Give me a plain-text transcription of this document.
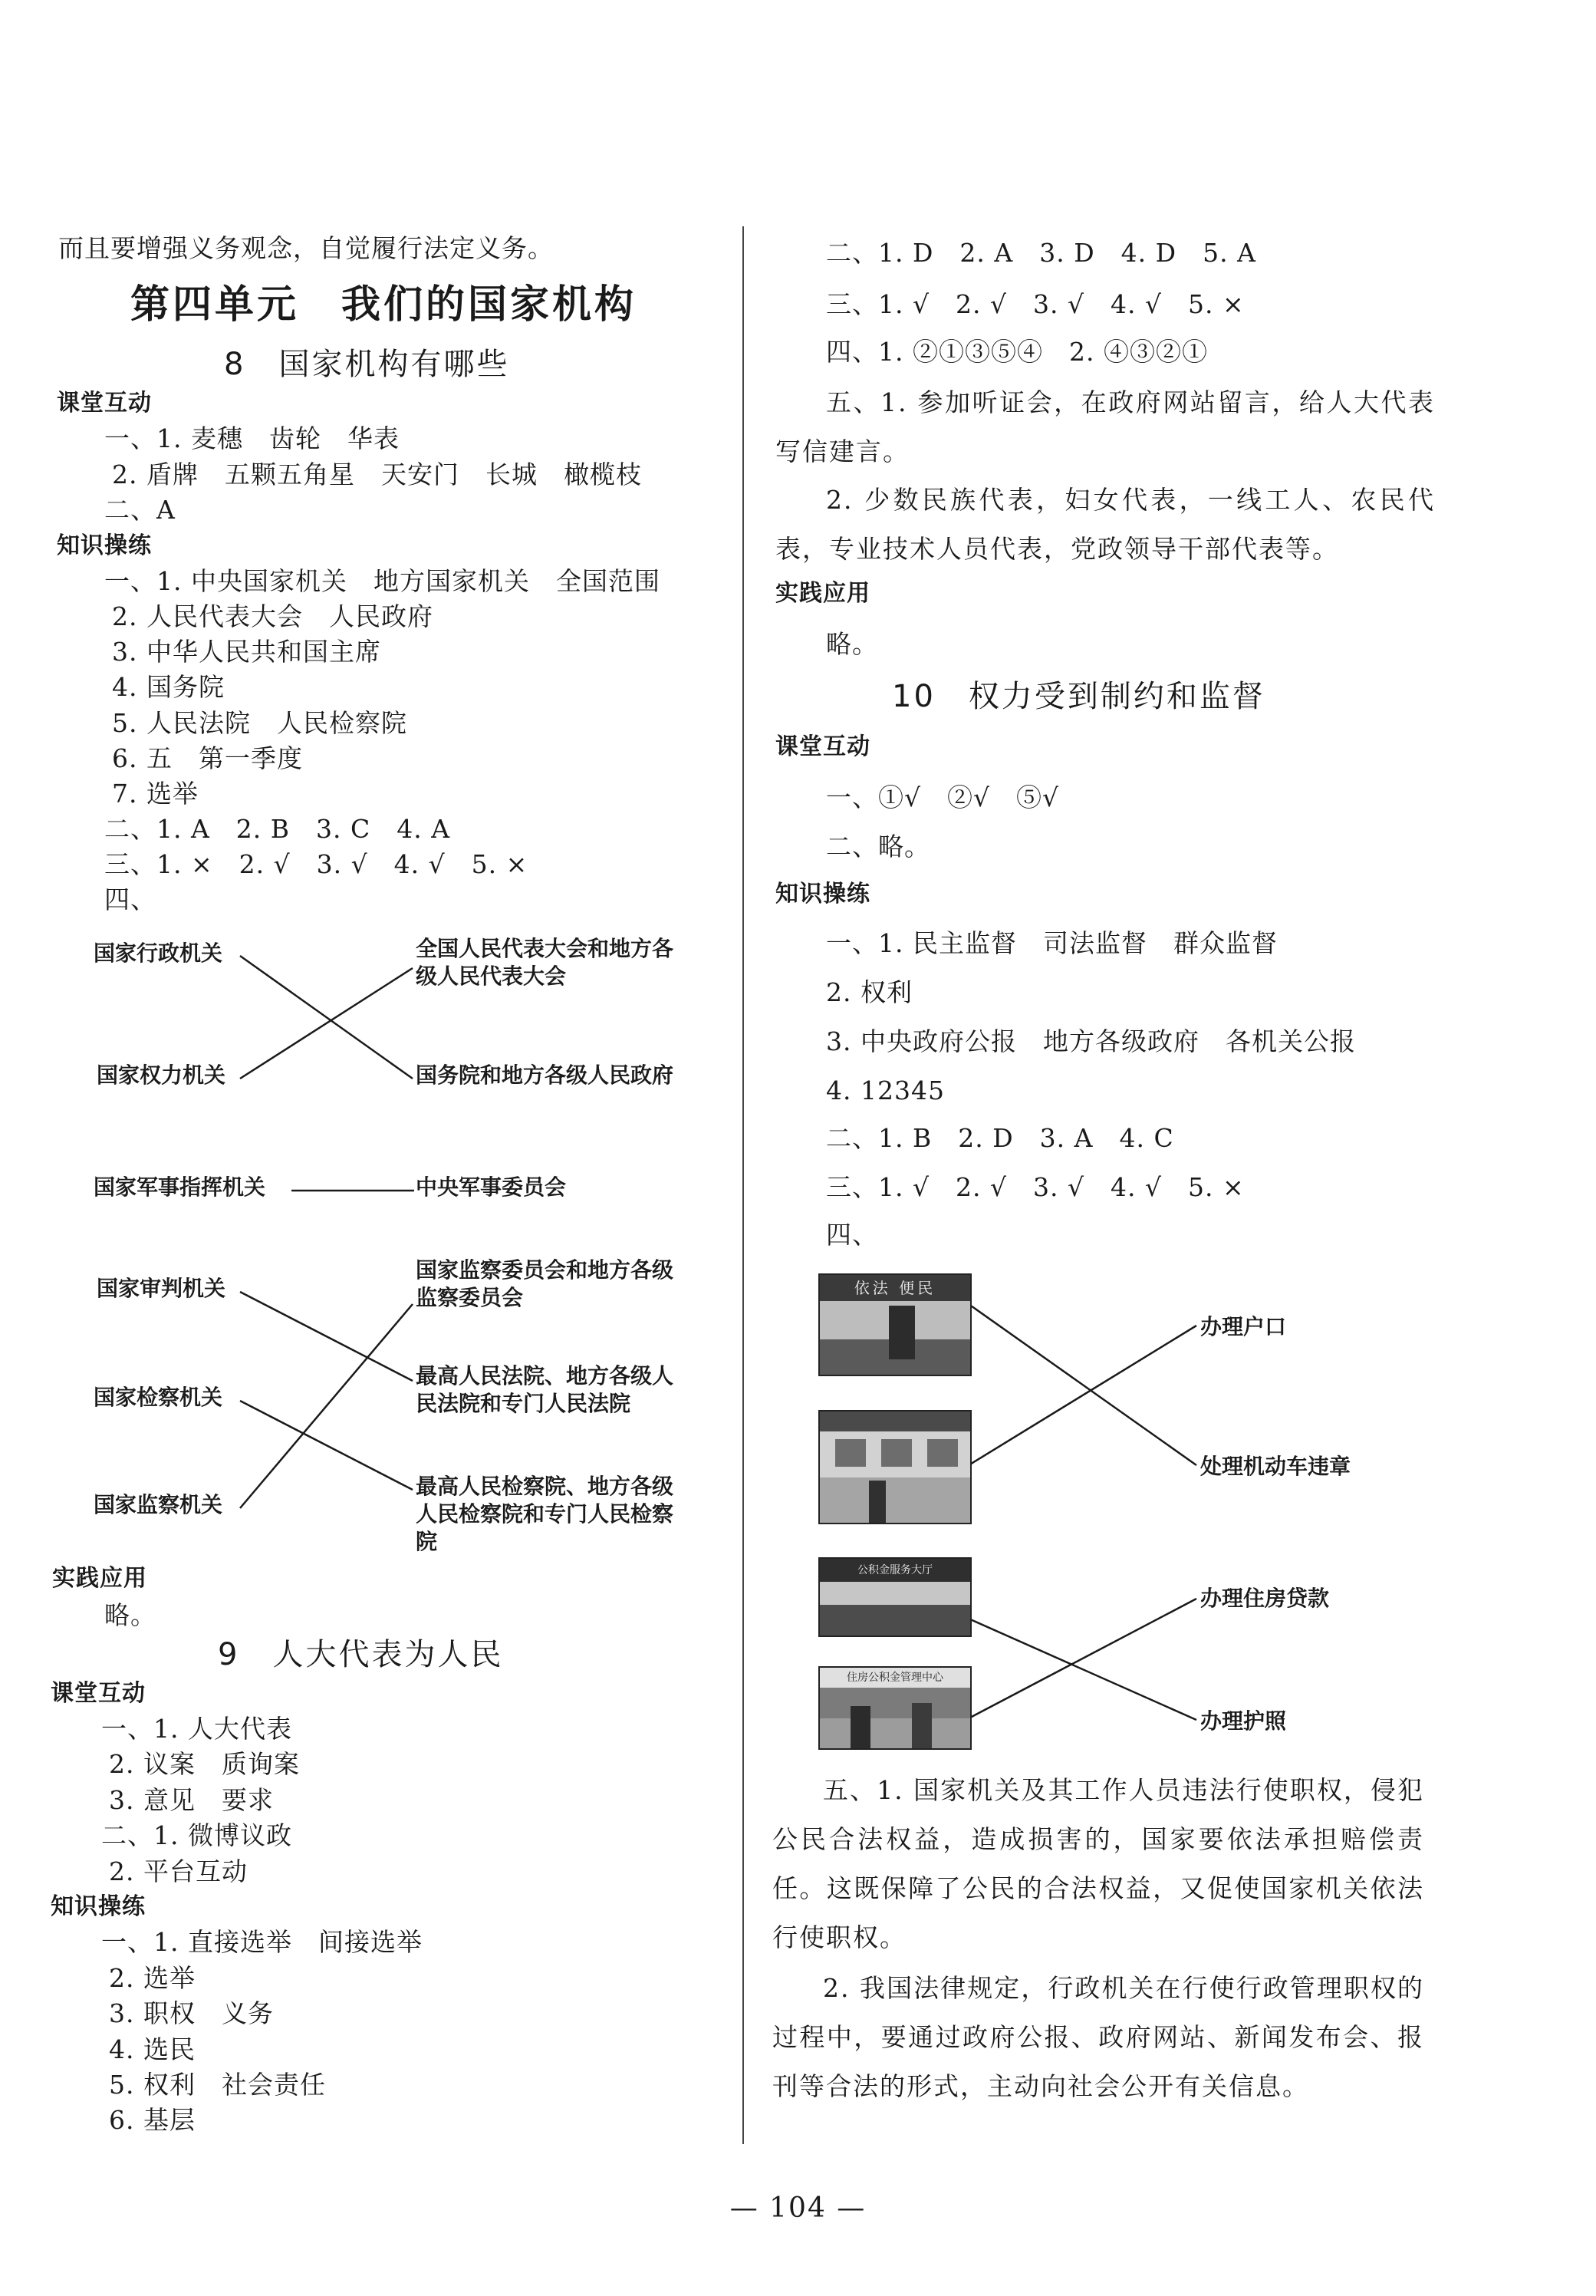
而且要增强义务观念，自觉履行法定义务。
第四单元　我们的国家机构
8　国家机构有哪些
课堂互动
一、1. 麦穗　齿轮　华表
2. 盾牌　五颗五角星　天安门　长城　橄榄枝
二、A
知识操练
一、1. 中央国家机关　地方国家机关　全国范围
2. 人民代表大会　人民政府
3. 中华人民共和国主席
4. 国务院
5. 人民法院　人民检察院
6. 五　第一季度
7. 选举
二、1. A　2. B　3. C　4. A
三、1. ×　2. √　3. √　4. √　5. ×
四、
国家行政机关
国家权力机关
国家军事指挥机关
国家审判机关
国家检察机关
国家监察机关
全国人民代表大会和地方各级人民代表大会
国务院和地方各级人民政府
中央军事委员会
国家监察委员会和地方各级监察委员会
最高人民法院、地方各级人民法院和专门人民法院
最高人民检察院、地方各级人民检察院和专门人民检察院
实践应用
略。
9　人大代表为人民
课堂互动
一、1. 人大代表
2. 议案　质询案
3. 意见　要求
二、1. 微博议政
2. 平台互动
知识操练
一、1. 直接选举　间接选举
2. 选举
3. 职权　义务
4. 选民
5. 权利　社会责任
6. 基层
二、1. D　2. A　3. D　4. D　5. A
三、1. √　2. √　3. √　4. √　5. ×
四、1. ②①③⑤④　2. ④③②①
五、1. 参加听证会，在政府网站留言，给人大代表写信建言。
2. 少数民族代表，妇女代表，一线工人、农民代表，专业技术人员代表，党政领导干部代表等。
实践应用
略。
10　权力受到制约和监督
课堂互动
一、①√　②√　⑤√
二、略。
知识操练
一、1. 民主监督　司法监督　群众监督
2. 权利
3. 中央政府公报　地方各级政府　各机关公报
4. 12345
二、1. B　2. D　3. A　4. C
三、1. √　2. √　3. √　4. √　5. ×
四、
依法 便民
公积金服务大厅
住房公积金管理中心
办理户口
处理机动车违章
办理住房贷款
办理护照
五、1. 国家机关及其工作人员违法行使职权，侵犯公民合法权益，造成损害的，国家要依法承担赔偿责任。这既保障了公民的合法权益，又促使国家机关依法行使职权。
2. 我国法律规定，行政机关在行使行政管理职权的过程中，要通过政府公报、政府网站、新闻发布会、报刊等合法的形式，主动向社会公开有关信息。
— 104 —
